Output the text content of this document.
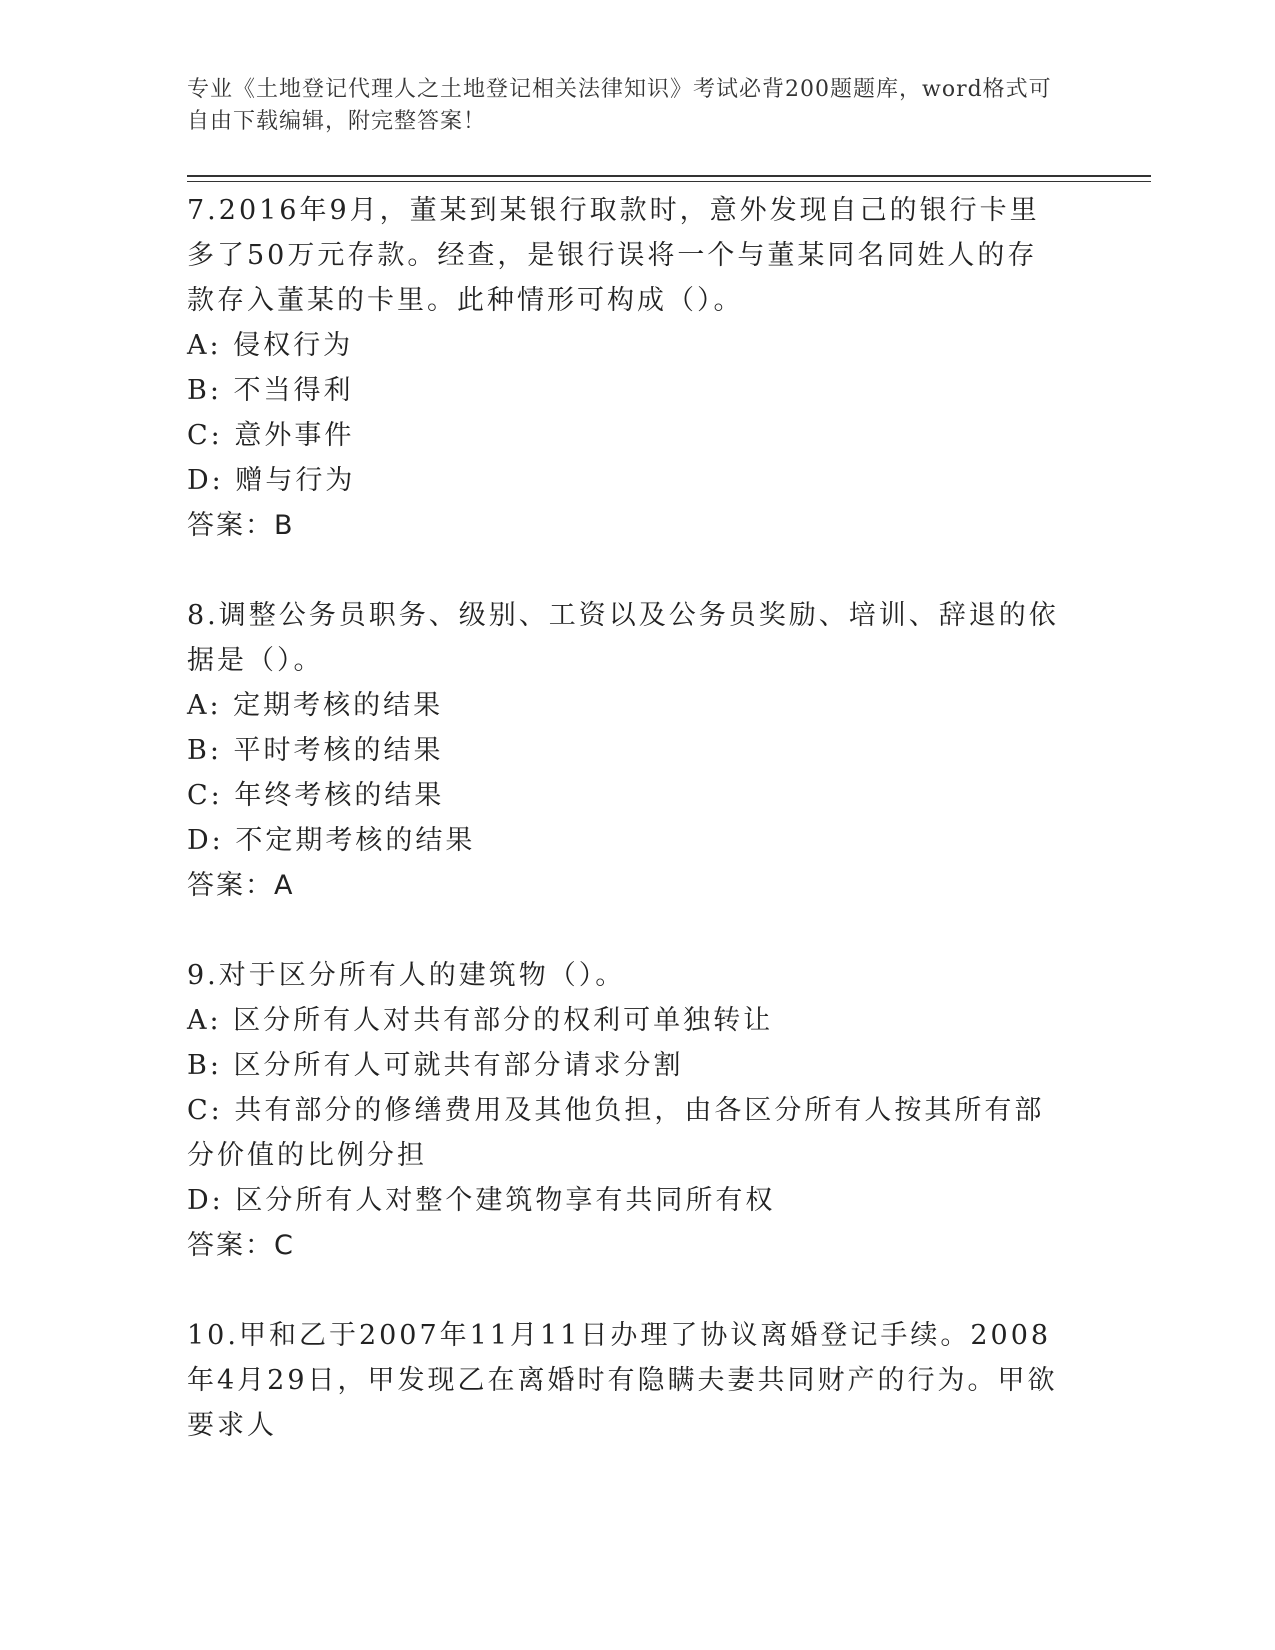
专业《土地登记代理人之土地登记相关法律知识》考试必背200题题库，word格式可自由下载编辑，附完整答案！

7.2016年9月，董某到某银行取款时，意外发现自己的银行卡里多了50万元存款。经查，是银行误将一个与董某同名同姓人的存款存入董某的卡里。此种情形可构成（）。

A: 侵权行为

B: 不当得利

C: 意外事件

D: 赠与行为

答案：B

8.调整公务员职务、级别、工资以及公务员奖励、培训、辞退的依据是（）。

A: 定期考核的结果

B: 平时考核的结果

C: 年终考核的结果

D: 不定期考核的结果

答案：A

9.对于区分所有人的建筑物（）。

A: 区分所有人对共有部分的权利可单独转让

B: 区分所有人可就共有部分请求分割

C: 共有部分的修缮费用及其他负担，由各区分所有人按其所有部分价值的比例分担

D: 区分所有人对整个建筑物享有共同所有权

答案：C

10.甲和乙于2007年11月11日办理了协议离婚登记手续。2008年4月29日，甲发现乙在离婚时有隐瞒夫妻共同财产的行为。甲欲要求人
